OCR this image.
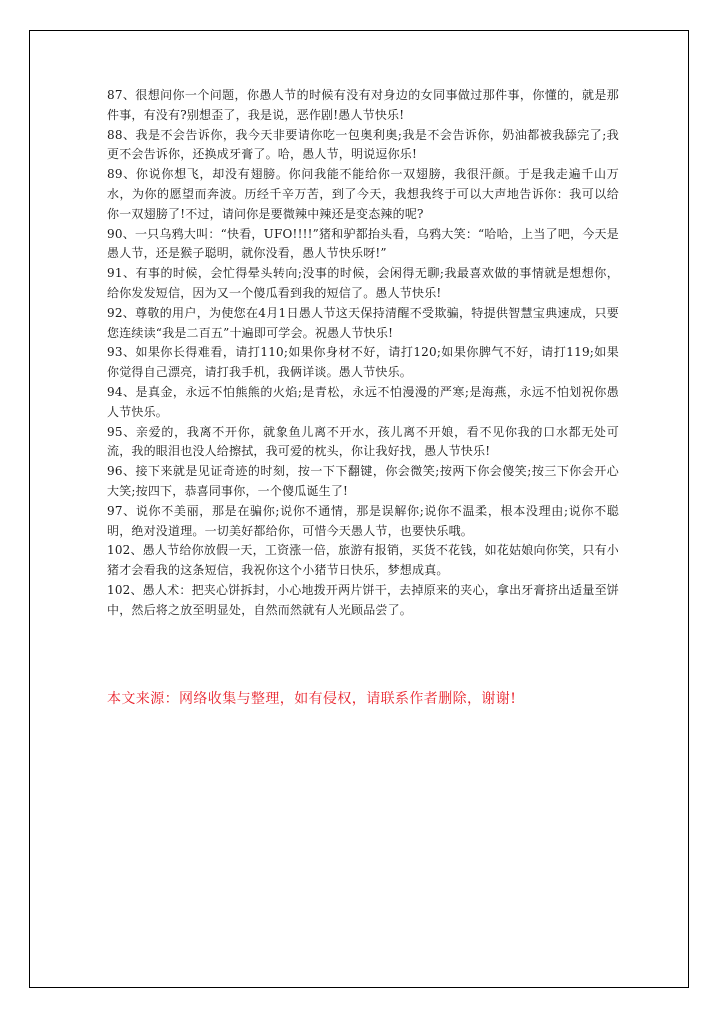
87、很想问你一个问题，你愚人节的时候有没有对身边的女同事做过那件事，你懂的，就是那件事，有没有?别想歪了，我是说，恶作剧!愚人节快乐!

88、我是不会告诉你，我今天非要请你吃一包奥利奥;我是不会告诉你，奶油都被我舔完了;我更不会告诉你，还换成牙膏了。哈，愚人节，明说逗你乐!

89、你说你想飞，却没有翅膀。你问我能不能给你一双翅膀，我很汗颜。于是我走遍千山万水，为你的愿望而奔波。历经千辛万苦，到了今天，我想我终于可以大声地告诉你：我可以给你一双翅膀了!不过，请问你是要微辣中辣还是变态辣的呢?

90、一只乌鸦大叫：“快看，UFO!!!!”猪和驴都抬头看，乌鸦大笑：“哈哈，上当了吧，今天是愚人节，还是猴子聪明，就你没看，愚人节快乐呀!”

91、有事的时候，会忙得晕头转向;没事的时候，会闲得无聊;我最喜欢做的事情就是想想你，给你发发短信，因为又一个傻瓜看到我的短信了。愚人节快乐!

92、尊敬的用户，为使您在4月1日愚人节这天保持清醒不受欺骗，特提供智慧宝典速成，只要您连续读“我是二百五”十遍即可学会。祝愚人节快乐!

93、如果你长得难看，请打110;如果你身材不好，请打120;如果你脾气不好，请打119;如果你觉得自己漂亮，请打我手机，我俩详谈。愚人节快乐。

94、是真金，永远不怕熊熊的火焰;是青松，永远不怕漫漫的严寒;是海燕，永远不怕划祝你愚人节快乐。

95、亲爱的，我离不开你，就象鱼儿离不开水，孩儿离不开娘，看不见你我的口水都无处可流，我的眼泪也没人给擦拭，我可爱的枕头，你让我好找，愚人节快乐!

96、接下来就是见证奇迹的时刻，按一下下翻键，你会微笑;按两下你会傻笑;按三下你会开心大笑;按四下，恭喜同事你，一个傻瓜诞生了!

97、说你不美丽，那是在骗你;说你不通情，那是误解你;说你不温柔，根本没理由;说你不聪明，绝对没道理。一切美好都给你，可惜今天愚人节，也要快乐哦。

102、愚人节给你放假一天，工资涨一倍，旅游有报销，买货不花钱，如花姑娘向你笑，只有小猪才会看我的这条短信，我祝你这个小猪节日快乐，梦想成真。

102、愚人术：把夹心饼拆封，小心地拨开两片饼干，去掉原来的夹心，拿出牙膏挤出适量至饼中，然后将之放至明显处，自然而然就有人光顾品尝了。

本文来源：网络收集与整理，如有侵权，请联系作者删除，谢谢!
